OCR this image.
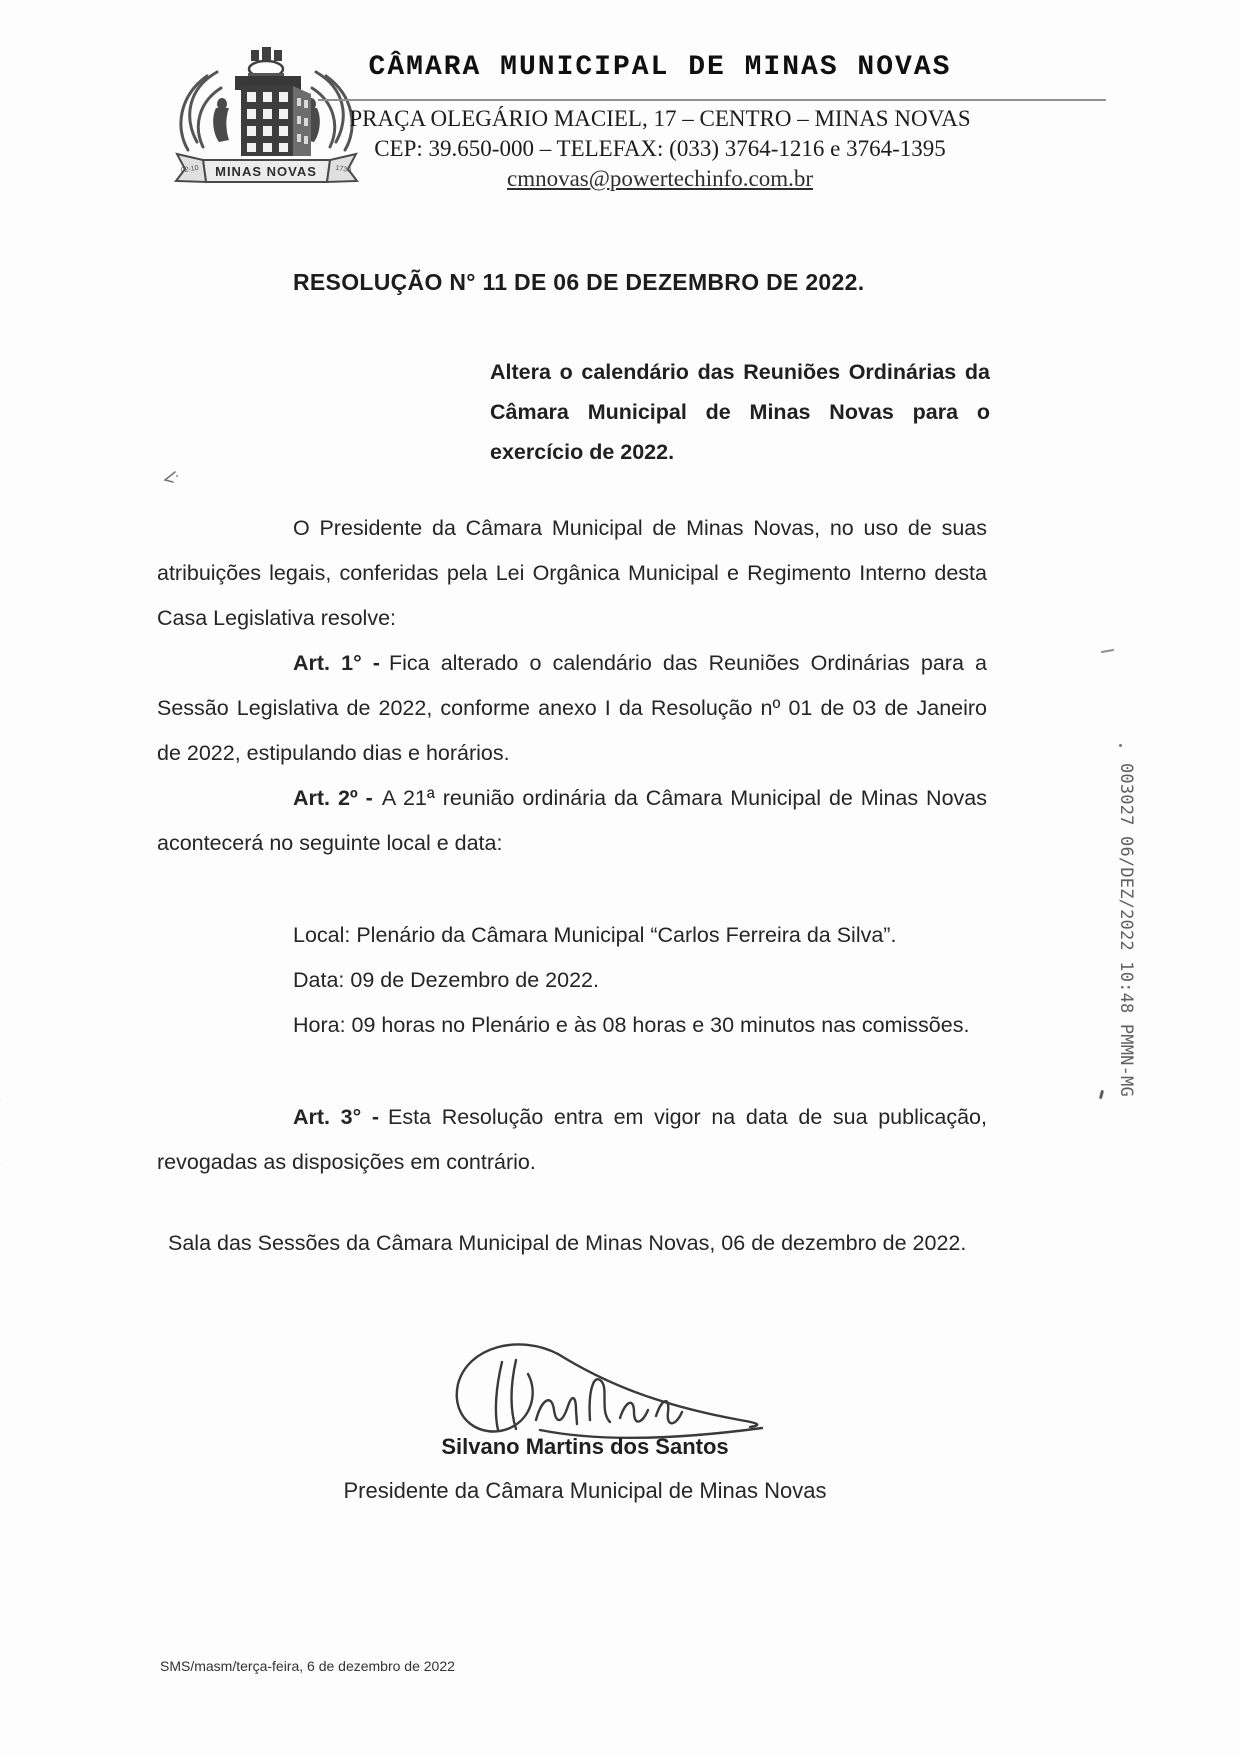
MINAS NOVAS
02-10	1730
CÂMARA MUNICIPAL DE MINAS NOVAS
PRAÇA OLEGÁRIO MACIEL, 17 – CENTRO – MINAS NOVAS
CEP: 39.650-000 – TELEFAX: (033) 3764-1216 e 3764-1395
cmnovas@powertechinfo.com.br
RESOLUÇÃO N° 11 DE 06 DE DEZEMBRO DE 2022.
Altera o calendário das Reuniões Ordinárias da Câmara Municipal de Minas Novas para o exercício de 2022.
O Presidente da Câmara Municipal de Minas Novas, no uso de suas atribuições legais, conferidas pela Lei Orgânica Municipal e Regimento Interno desta Casa Legislativa resolve:
Art. 1° - Fica alterado o calendário das Reuniões Ordinárias para a Sessão Legislativa de 2022, conforme anexo I da Resolução nº 01 de 03 de Janeiro de 2022, estipulando dias e horários.
Art. 2º - A 21ª reunião ordinária da Câmara Municipal de Minas Novas acontecerá no seguinte local e data:
Local: Plenário da Câmara Municipal “Carlos Ferreira da Silva”.
Data: 09 de Dezembro de 2022.
Hora: 09 horas no Plenário e às 08 horas e 30 minutos nas comissões.
Art. 3° - Esta Resolução entra em vigor na data de sua publicação, revogadas as disposições em contrário.
Sala das Sessões da Câmara Municipal de Minas Novas, 06 de dezembro de 2022.
Silvano Martins dos Santos
Presidente da Câmara Municipal de Minas Novas
003027 06/DEZ/2022 10:48 PMMN-MG
SMS/masm/terça-feira, 6 de dezembro de 2022
